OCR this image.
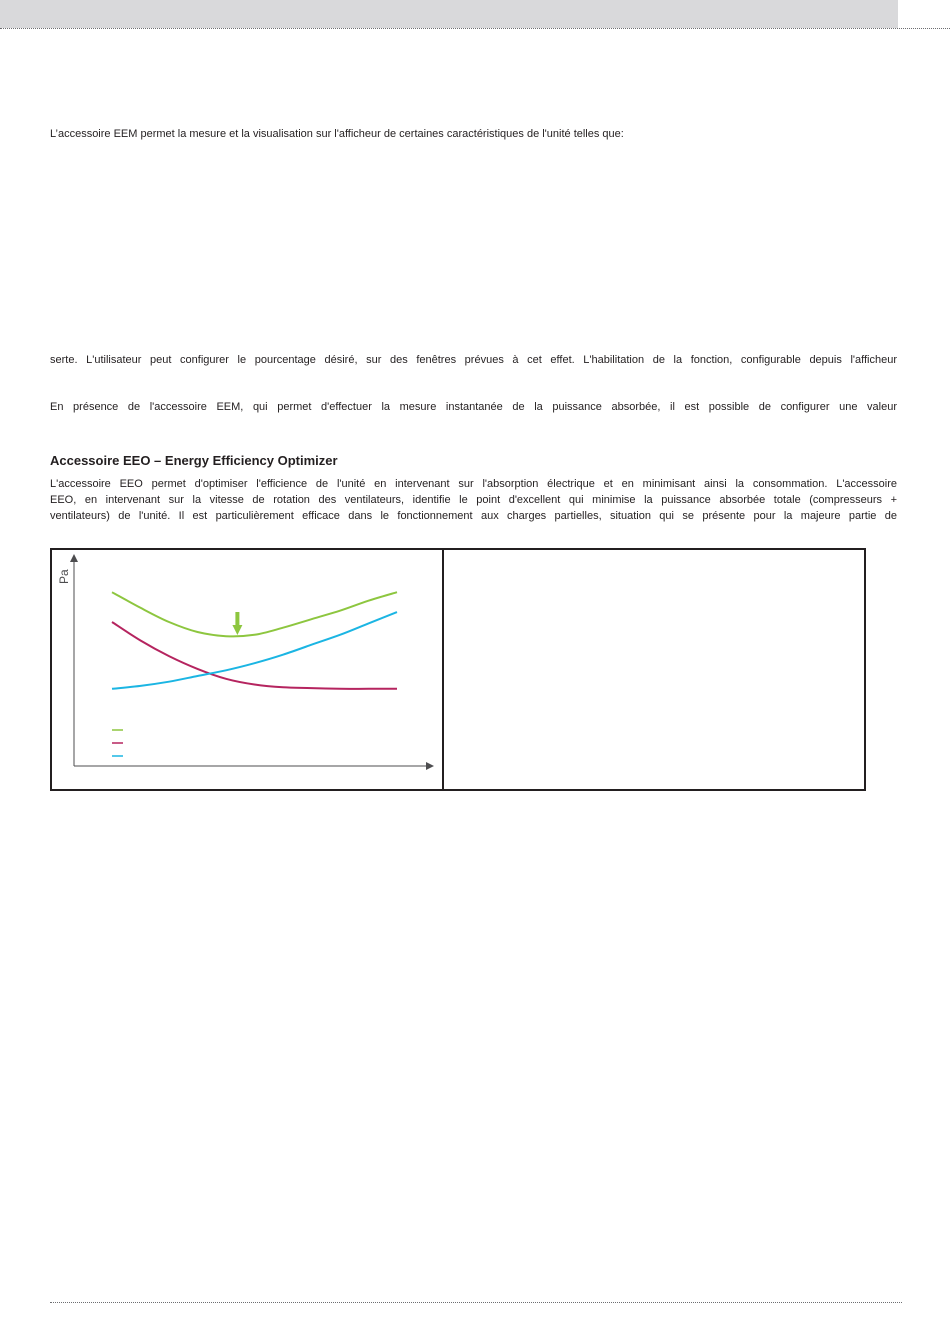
L’accessoire EEM permet la mesure et la visualisation sur l'afficheur de certaines caractéristiques de l'unité telles que:

serte. L'utilisateur peut configurer le pourcentage désiré, sur des fenêtres prévues à cet effet. L'habilitation de la fonction, configurable depuis l'afficheur

En présence de l'accessoire EEM, qui permet d'effectuer la mesure instantanée de la puissance absorbée, il est possible de configurer une valeur

Accessoire EEO – Energy Efficiency Optimizer
L'accessoire EEO permet d'optimiser l'efficience de l'unité en intervenant sur l'absorption électrique et en minimisant ainsi la consommation. L'accessoire
EEO, en intervenant sur la vitesse de rotation des ventilateurs, identifie le point d'excellent qui minimise la puissance absorbée totale (compresseurs +
ventilateurs) de l'unité. Il est particulièrement efficace dans le fonctionnement aux charges partielles, situation qui se présente pour la majeure partie de
Pa
